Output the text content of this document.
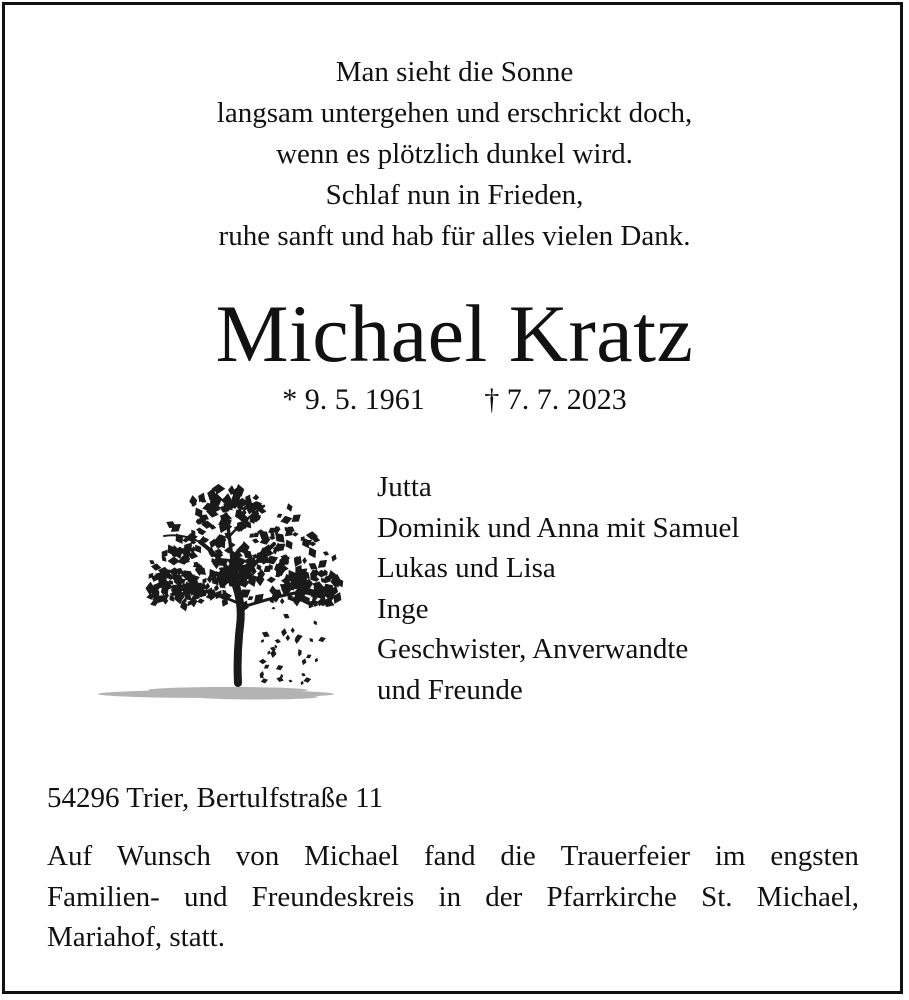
Man sieht die Sonne
langsam untergehen und erschrickt doch,
wenn es plötzlich dunkel wird.
Schlaf nun in Frieden,
ruhe sanft und hab für alles vielen Dank.
Michael Kratz
* 9. 5. 1961 † 7. 7. 2023
Jutta
Dominik und Anna mit Samuel
Lukas und Lisa
Inge
Geschwister, Anverwandte
und Freunde
54296 Trier, Bertulfstraße 11
Auf Wunsch von Michael fand die Trauerfeier im engsten
Familien- und Freundeskreis in der Pfarrkirche St. Michael,
Mariahof, statt.
